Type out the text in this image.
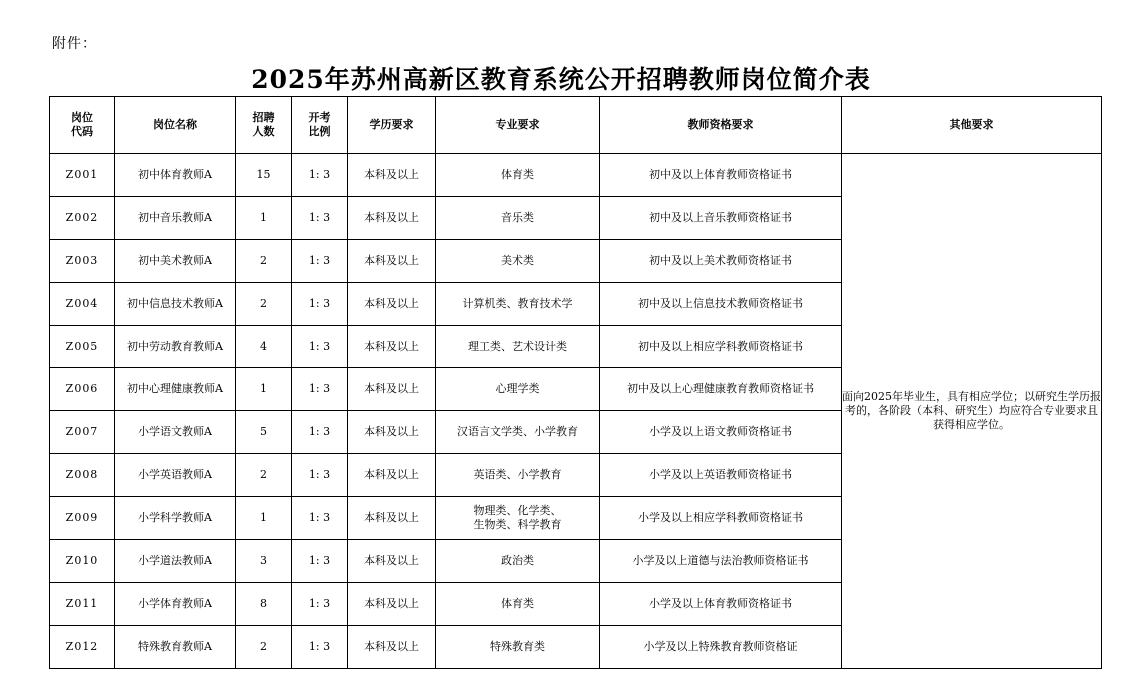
附件：
2025年苏州高新区教育系统公开招聘教师岗位简介表
岗位代码	岗位名称	招聘人数	开考比例	学历要求	专业要求	教师资格要求	其他要求
Z001	初中体育教师A	15	1: 3	本科及以上	体育类	初中及以上体育教师资格证书	面向2025年毕业生，具有相应学位；以研究生学历报考的，各阶段（本科、研究生）均应符合专业要求且获得相应学位。
Z002	初中音乐教师A	1	1: 3	本科及以上	音乐类	初中及以上音乐教师资格证书	
Z003	初中美术教师A	2	1: 3	本科及以上	美术类	初中及以上美术教师资格证书	
Z004	初中信息技术教师A	2	1: 3	本科及以上	计算机类、教育技术学	初中及以上信息技术教师资格证书	
Z005	初中劳动教育教师A	4	1: 3	本科及以上	理工类、艺术设计类	初中及以上相应学科教师资格证书	
Z006	初中心理健康教师A	1	1: 3	本科及以上	心理学类	初中及以上心理健康教育教师资格证书	
Z007	小学语文教师A	5	1: 3	本科及以上	汉语言文学类、小学教育	小学及以上语文教师资格证书	
Z008	小学英语教师A	2	1: 3	本科及以上	英语类、小学教育	小学及以上英语教师资格证书	
Z009	小学科学教师A	1	1: 3	本科及以上	物理类、化学类、
生物类、科学教育	小学及以上相应学科教师资格证书	
Z010	小学道法教师A	3	1: 3	本科及以上	政治类	小学及以上道德与法治教师资格证书	
Z011	小学体育教师A	8	1: 3	本科及以上	体育类	小学及以上体育教师资格证书	
Z012	特殊教育教师A	2	1: 3	本科及以上	特殊教育类	小学及以上特殊教育教师资格证	
